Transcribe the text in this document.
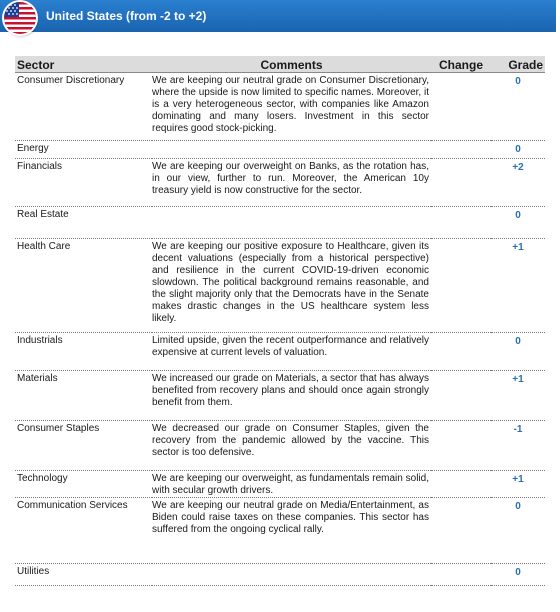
United States (from -2 to +2)
Sector	Comments	Change	Grade
Consumer Discretionary	We are keeping our neutral grade on Consumer Discretionary, where the upside is now limited to specific names. Moreover, it is a very heterogeneous sector, with companies like Amazon dominating and many losers. Investment in this sector requires good stock-picking.		0
Energy			0
Financials	We are keeping our overweight on Banks, as the rotation has, in our view, further to run. Moreover, the American 10y treasury yield is now constructive for the sector.		+2
Real Estate			0
Health Care	We are keeping our positive exposure to Healthcare, given its decent valuations (especially from a historical perspective) and resilience in the current COVID-19-driven economic slowdown. The political background remains reasonable, and the slight majority only that the Democrats have in the Senate makes drastic changes in the US healthcare system less likely.		+1
Industrials	Limited upside, given the recent outperformance and relatively expensive at current levels of valuation.		0
Materials	We increased our grade on Materials, a sector that has always benefited from recovery plans and should once again strongly benefit from them.		+1
Consumer Staples	We decreased our grade on Consumer Staples, given the recovery from the pandemic allowed by the vaccine. This sector is too defensive.		-1
Technology	We are keeping our overweight, as fundamentals remain solid, with secular growth drivers.		+1
Communication Services	We are keeping our neutral grade on Media/Entertainment, as Biden could raise taxes on these companies. This sector has suffered from the ongoing cyclical rally.		0
Utilities			0
